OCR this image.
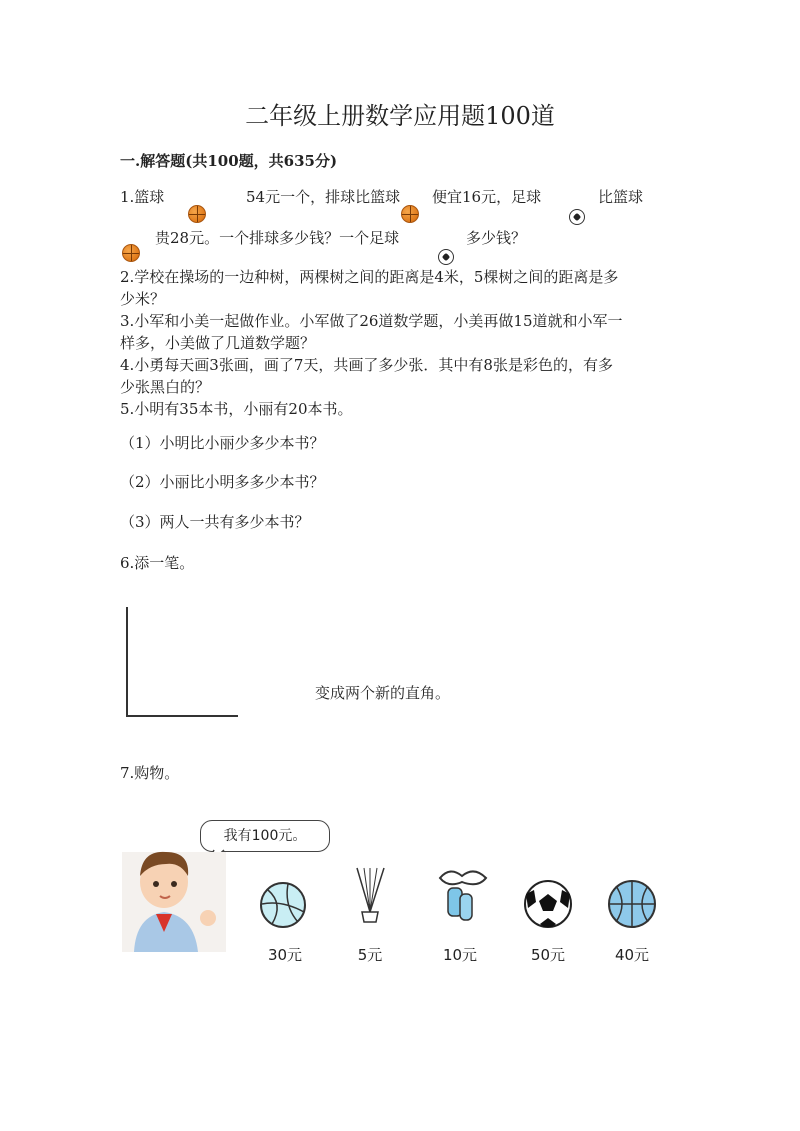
二年级上册数学应用题100道
一.解答题(共100题，共635分)
1.篮球	54元一个，排球比篮球 便宜16元，足球	比篮球
贵28元。一个排球多少钱？一个足球	多少钱？
2.学校在操场的一边种树，两棵树之间的距离是4米，5棵树之间的距离是多
少米？
3.小军和小美一起做作业。小军做了26道数学题，小美再做15道就和小军一
样多，小美做了几道数学题？
4.小勇每天画3张画，画了7天，共画了多少张．其中有8张是彩色的，有多
少张黑白的？
5.小明有35本书，小丽有20本书。
（1）小明比小丽少多少本书？
（2）小丽比小明多多少本书？
（3）两人一共有多少本书？
6.添一笔。
变成两个新的直角。
7.购物。
我有100元。
30元	5元	10元	50元	40元
